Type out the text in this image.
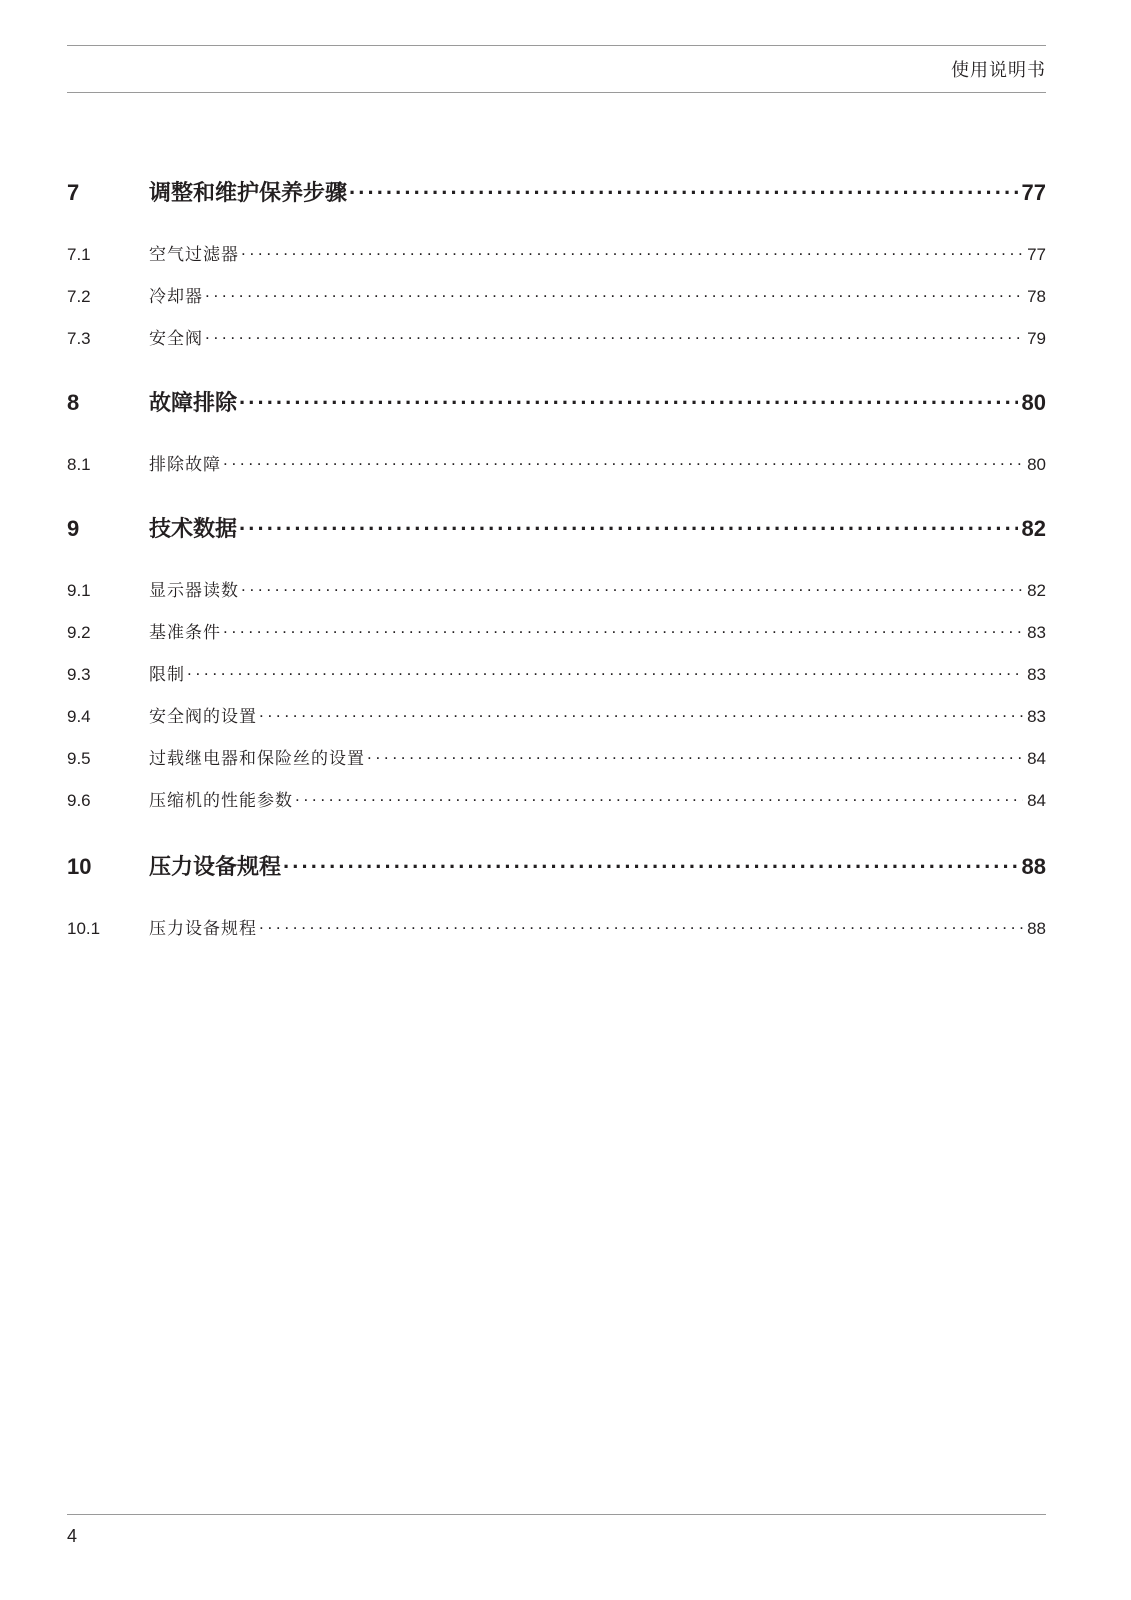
使用说明书
7	调整和维护保养步骤 . . .	77
7.1	空气过滤器 . . .	77
7.2	冷却器 . . .	78
7.3	安全阀 . . .	79
8	故障排除 . . .	80
8.1	排除故障 . . .	80
9	技术数据 . . .	82
9.1	显示器读数 . . .	82
9.2	基准条件 . . .	83
9.3	限制 . . .	83
9.4	安全阀的设置 . . .	83
9.5	过载继电器和保险丝的设置 . . .	84
9.6	压缩机的性能参数 . . .	84
10	压力设备规程 . . .	88
10.1	压力设备规程 . . .	88
4
